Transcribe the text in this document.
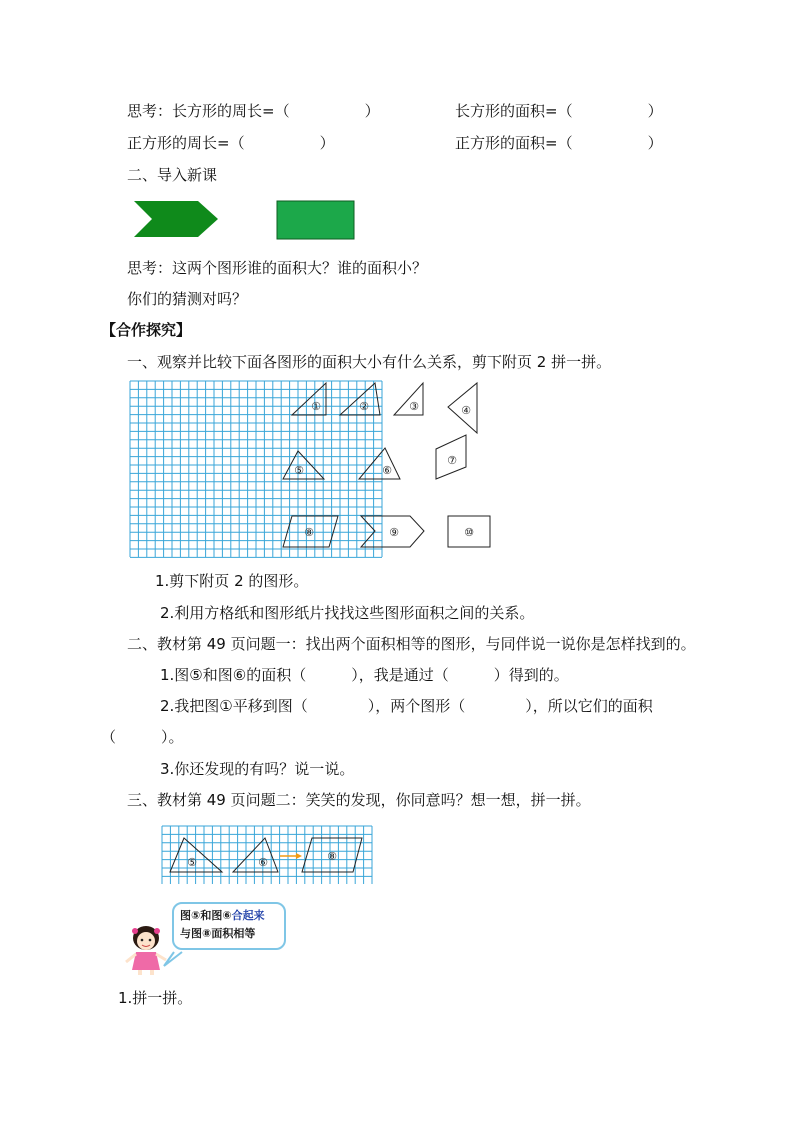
思考：长方形的周长=（　　　　　）	长方形的面积=（　　　　　）
正方形的周长=（　　　　　）	正方形的面积=（　　　　　）
二、导入新课
思考：这两个图形谁的面积大？谁的面积小？
你们的猜测对吗？
【合作探究】
一、观察并比较下面各图形的面积大小有什么关系，剪下附页 2 拼一拼。
①	②	③	④
⑤	⑥
⑦
⑧	⑨	⑩
1.剪下附页 2 的图形。
2.利用方格纸和图形纸片找找这些图形面积之间的关系。
二、教材第 49 页问题一：找出两个面积相等的图形，与同伴说一说你是怎样找到的。
1.图⑤和图⑥的面积（　　　），我是通过（　　　）得到的。
2.我把图①平移到图（　　　　），两个图形（　　　　），所以它们的面积
（　　　）。
3.你还发现的有吗？说一说。
三、教材第 49 页问题二：笑笑的发现，你同意吗？想一想，拼一拼。
⑤	⑥	⑧
图⑤和图⑥合起来
与图⑧面积相等
1.拼一拼。
